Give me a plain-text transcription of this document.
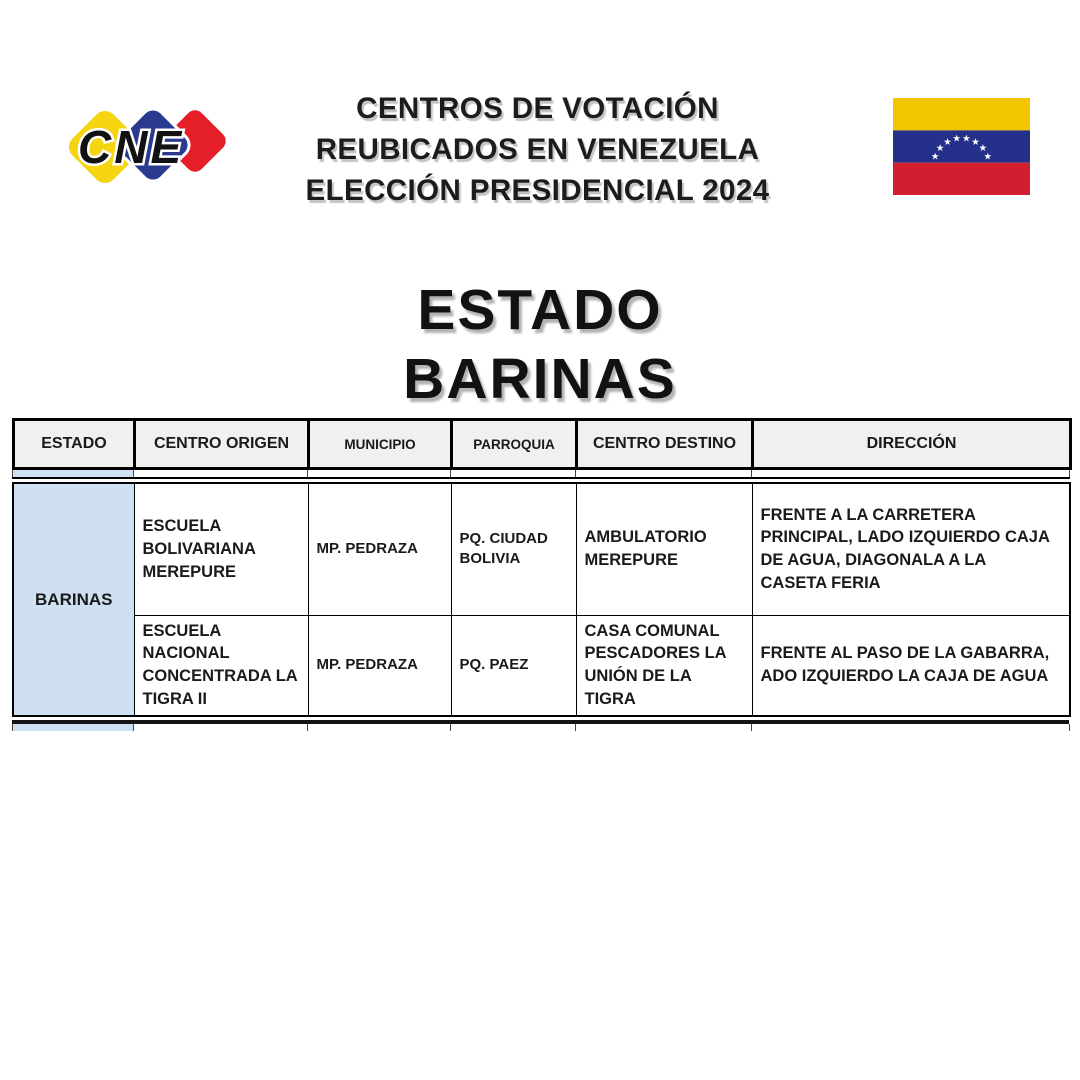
CNE
CENTROS DE VOTACIÓN
REUBICADOS EN VENEZUELA
ELECCIÓN PRESIDENCIAL 2024
★
★
★ ★ ★ ★
★
★
ESTADO
BARINAS
ESTADO	CENTRO ORIGEN	MUNICIPIO	PARROQUIA	CENTRO DESTINO	DIRECCIÓN

BARINAS	ESCUELA BOLIVARIANA MEREPURE	MP. PEDRAZA	PQ. CIUDAD BOLIVIA	AMBULATORIO MEREPURE	FRENTE A LA CARRETERA PRINCIPAL, LADO IZQUIERDO CAJA DE AGUA, DIAGONALA A LA CASETA FERIA
	ESCUELA NACIONAL CONCENTRADA LA TIGRA II	MP. PEDRAZA	PQ. PAEZ	CASA COMUNAL PESCADORES LA UNIÓN DE LA TIGRA	FRENTE AL PASO DE LA GABARRA, ADO IZQUIERDO LA CAJA DE AGUA
